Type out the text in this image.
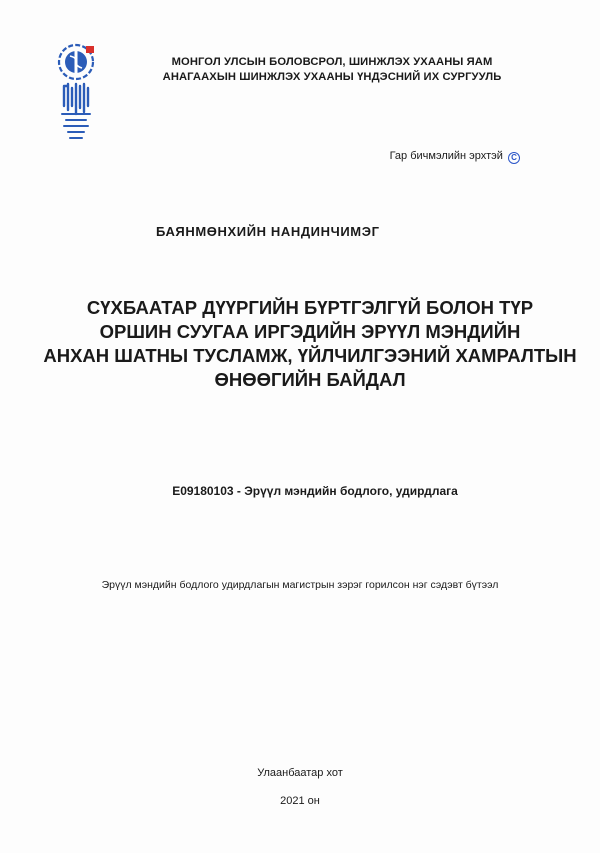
МОНГОЛ УЛСЫН БОЛОВСРОЛ, ШИНЖЛЭХ УХААНЫ ЯАМ
АНАГААХЫН ШИНЖЛЭХ УХААНЫ ҮНДЭСНИЙ ИХ СУРГУУЛЬ
Гар бичмэлийн эрхтэй C
БАЯНМӨНХИЙН НАНДИНЧИМЭГ
СҮХБААТАР ДҮҮРГИЙН БҮРТГЭЛГҮЙ БОЛОН ТҮР
ОРШИН СУУГАА ИРГЭДИЙН ЭРҮҮЛ МЭНДИЙН
АНХАН ШАТНЫ ТУСЛАМЖ, ҮЙЛЧИЛГЭЭНИЙ ХАМРАЛТЫН
ӨНӨӨГИЙН БАЙДАЛ
E09180103 - Эрүүл мэндийн бодлого, удирдлага
Эрүүл мэндийн бодлого удирдлагын магистрын зэрэг горилсон нэг сэдэвт бүтээл
Улаанбаатар хот
2021 он
